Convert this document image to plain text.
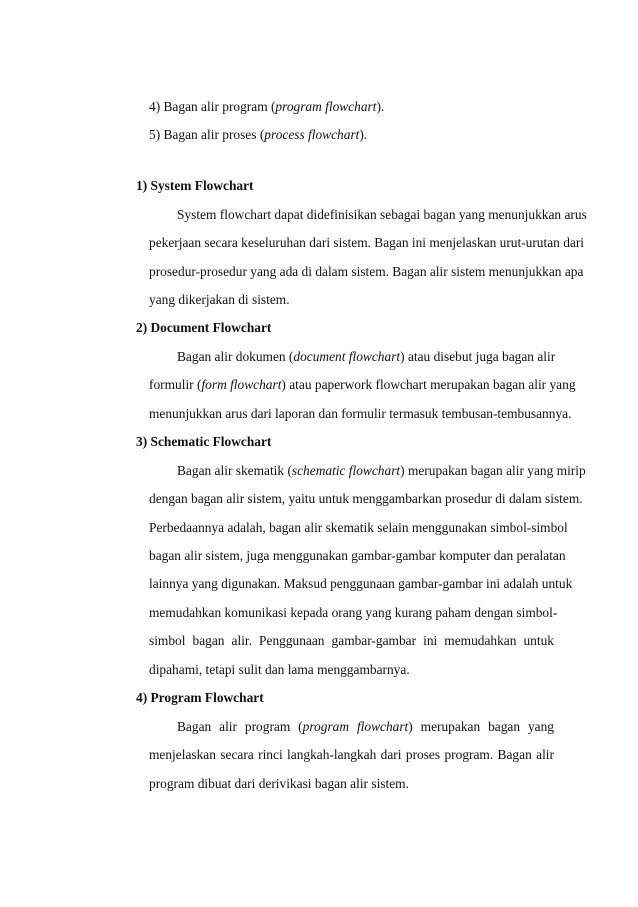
4) Bagan alir program (program flowchart).
5) Bagan alir proses (process flowchart).
1) System Flowchart
System flowchart dapat didefinisikan sebagai bagan yang menunjukkan arus
pekerjaan secara keseluruhan dari sistem. Bagan ini menjelaskan urut-urutan dari
prosedur-prosedur yang ada di dalam sistem. Bagan alir sistem menunjukkan apa
yang dikerjakan di sistem.
2) Document Flowchart
Bagan alir dokumen (document flowchart) atau disebut juga bagan alir
formulir (form flowchart) atau paperwork flowchart merupakan bagan alir yang
menunjukkan arus dari laporan dan formulir termasuk tembusan-tembusannya.
3) Schematic Flowchart
Bagan alir skematik (schematic flowchart) merupakan bagan alir yang mirip
dengan bagan alir sistem, yaitu untuk menggambarkan prosedur di dalam sistem.
Perbedaannya adalah, bagan alir skematik selain menggunakan simbol-simbol
bagan alir sistem, juga menggunakan gambar-gambar komputer dan peralatan
lainnya yang digunakan. Maksud penggunaan gambar-gambar ini adalah untuk
memudahkan komunikasi kepada orang yang kurang paham dengan simbol-
simbol bagan alir. Penggunaan gambar-gambar ini memudahkan untuk
dipahami, tetapi sulit dan lama menggambarnya.
4) Program Flowchart
Bagan alir program (program flowchart) merupakan bagan yang
menjelaskan secara rinci langkah-langkah dari proses program. Bagan alir
program dibuat dari derivikasi bagan alir sistem.
